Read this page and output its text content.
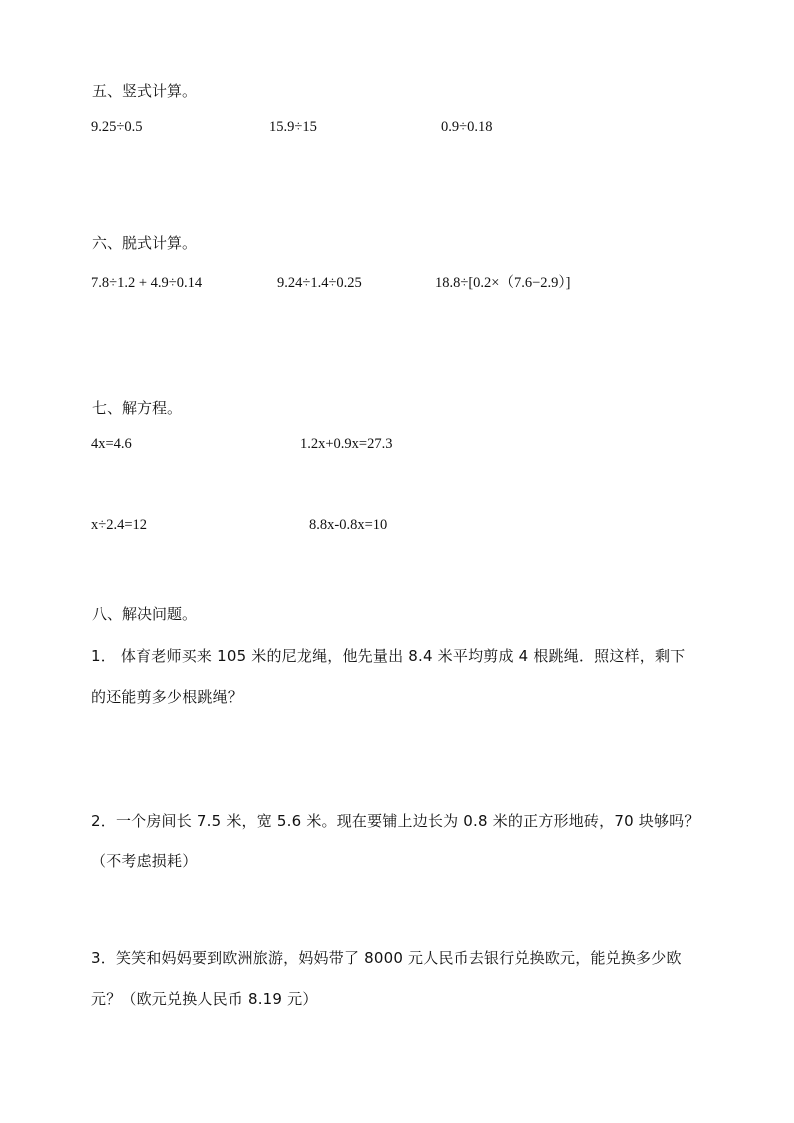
五、竖式计算。
9.25÷0.5	15.9÷15	0.9÷0.18
六、脱式计算。
7.8÷1.2 + 4.9÷0.14	9.24÷1.4÷0.25	18.8÷[0.2×（7.6−2.9）]
七、解方程。
4x=4.6	1.2x+0.9x=27.3
x÷2.4=12	8.8x-0.8x=10
八、解决问题。
1． 体育老师买来 105 米的尼龙绳，他先量出 8.4 米平均剪成 4 根跳绳．照这样，剩下
的还能剪多少根跳绳？
2．一个房间长 7.5 米，宽 5.6 米。现在要铺上边长为 0.8 米的正方形地砖，70 块够吗？
（不考虑损耗）
3．笑笑和妈妈要到欧洲旅游，妈妈带了 8000 元人民币去银行兑换欧元，能兑换多少欧
元？（欧元兑换人民币 8.19 元）
